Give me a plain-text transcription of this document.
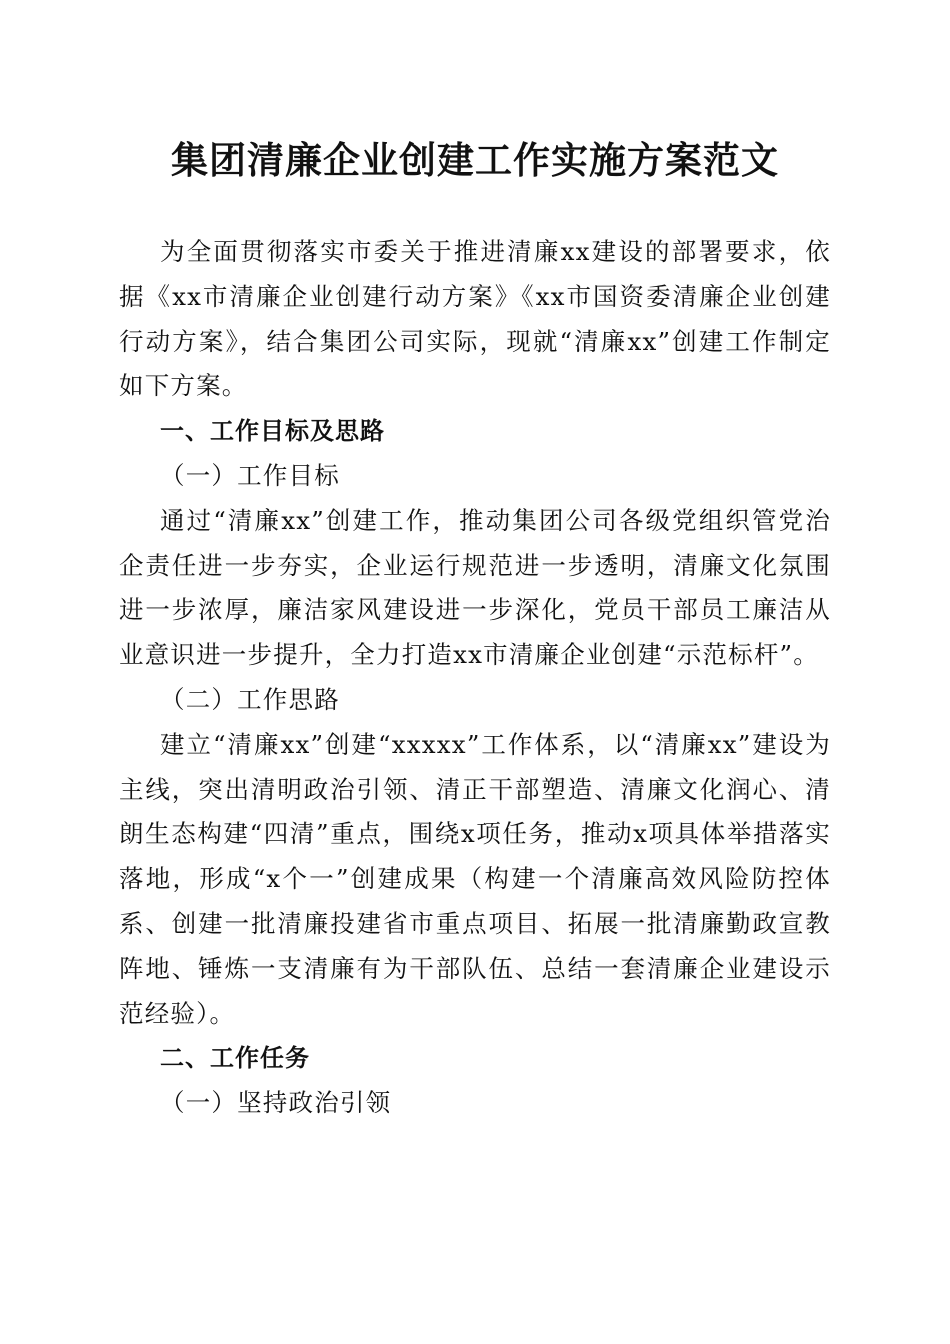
集团清廉企业创建工作实施方案范文

为全面贯彻落实市委关于推进清廉xx建设的部署要求，依据《xx市清廉企业创建行动方案》《xx市国资委清廉企业创建行动方案》，结合集团公司实际，现就“清廉xx”创建工作制定如下方案。

一、工作目标及思路

（一）工作目标

通过“清廉xx”创建工作，推动集团公司各级党组织管党治企责任进一步夯实，企业运行规范进一步透明，清廉文化氛围进一步浓厚，廉洁家风建设进一步深化，党员干部员工廉洁从业意识进一步提升，全力打造xx市清廉企业创建“示范标杆”。

（二）工作思路

建立“清廉xx”创建“xxxxx”工作体系，以“清廉xx”建设为主线，突出清明政治引领、清正干部塑造、清廉文化润心、清朗生态构建“四清”重点，围绕x项任务，推动x项具体举措落实落地，形成“x个一”创建成果（构建一个清廉高效风险防控体系、创建一批清廉投建省市重点项目、拓展一批清廉勤政宣教阵地、锤炼一支清廉有为干部队伍、总结一套清廉企业建设示范经验）。

二、工作任务

（一）坚持政治引领
